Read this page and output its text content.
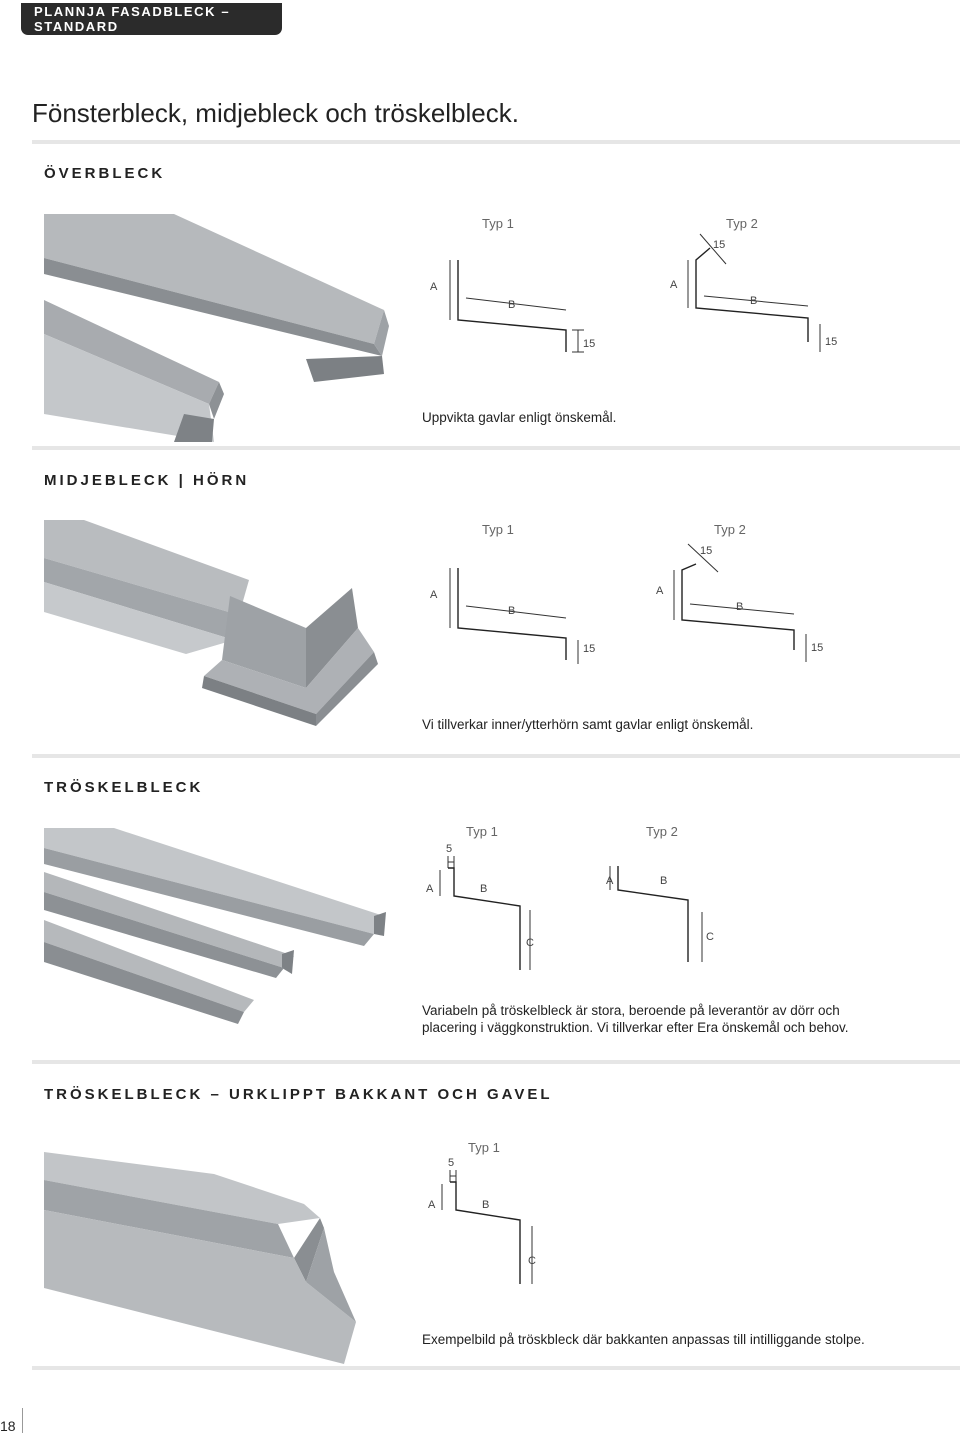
PLANNJA FASADBLECK – STANDARD
Fönsterbleck, midjebleck och tröskelbleck.
ÖVERBLECK
Typ 1	Typ 2
A
B
15
A
B
15
15
Uppvikta gavlar enligt önskemål.
MIDJEBLECK | HÖRN
Typ 1	Typ 2
A
B
15
A
B
15
15
Vi tillverkar inner/ytterhörn samt gavlar enligt önskemål.
TRÖSKELBLECK
Typ 1	Typ 2
5
A	B
C
A	B
C
Variabeln på tröskelbleck är stora, beroende på leverantör av dörr och
placering i väggkonstruktion. Vi tillverkar efter Era önskemål och behov.
TRÖSKELBLECK – URKLIPPT BAKKANT OCH GAVEL
Typ 1
5
A	B
C
Exempelbild på tröskbleck där bakkanten anpassas till intilliggande stolpe.
18
